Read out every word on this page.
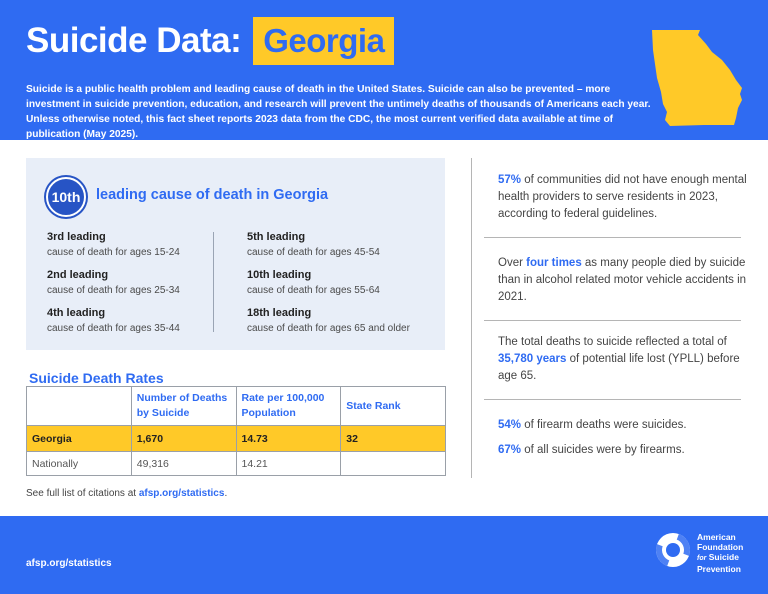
Suicide Data: Georgia

Suicide is a public health problem and leading cause of death in the United States. Suicide can also be prevented – more investment in suicide prevention, education, and research will prevent the untimely deaths of thousands of Americans each year. Unless otherwise noted, this fact sheet reports 2023 data from the CDC, the most current verified data available at time of publication (May 2025).

10th	leading cause of death in Georgia
3rd leading
cause of death for ages 15-24
2nd leading
cause of death for ages 25-34
4th leading
cause of death for ages 35-44
5th leading
cause of death for ages 45-54
10th leading
cause of death for ages 55-64
18th leading
cause of death for ages 65 and older
Suicide Death Rates
	Number of Deaths by Suicide	Rate per 100,000 Population	State Rank
Georgia	1,670	14.73	32
Nationally	49,316	14.21	
See full list of citations at afsp.org/statistics.

57% of communities did not have enough mental health providers to serve residents in 2023, according to federal guidelines.

Over four times as many people died by suicide than in alcohol related motor vehicle accidents in 2021.

The total deaths to suicide reflected a total of 35,780 years of potential life lost (YPLL) before age 65.

54% of firearm deaths were suicides.

67% of all suicides were by firearms.

afsp.org/statistics
American
Foundation
for Suicide
Prevention
